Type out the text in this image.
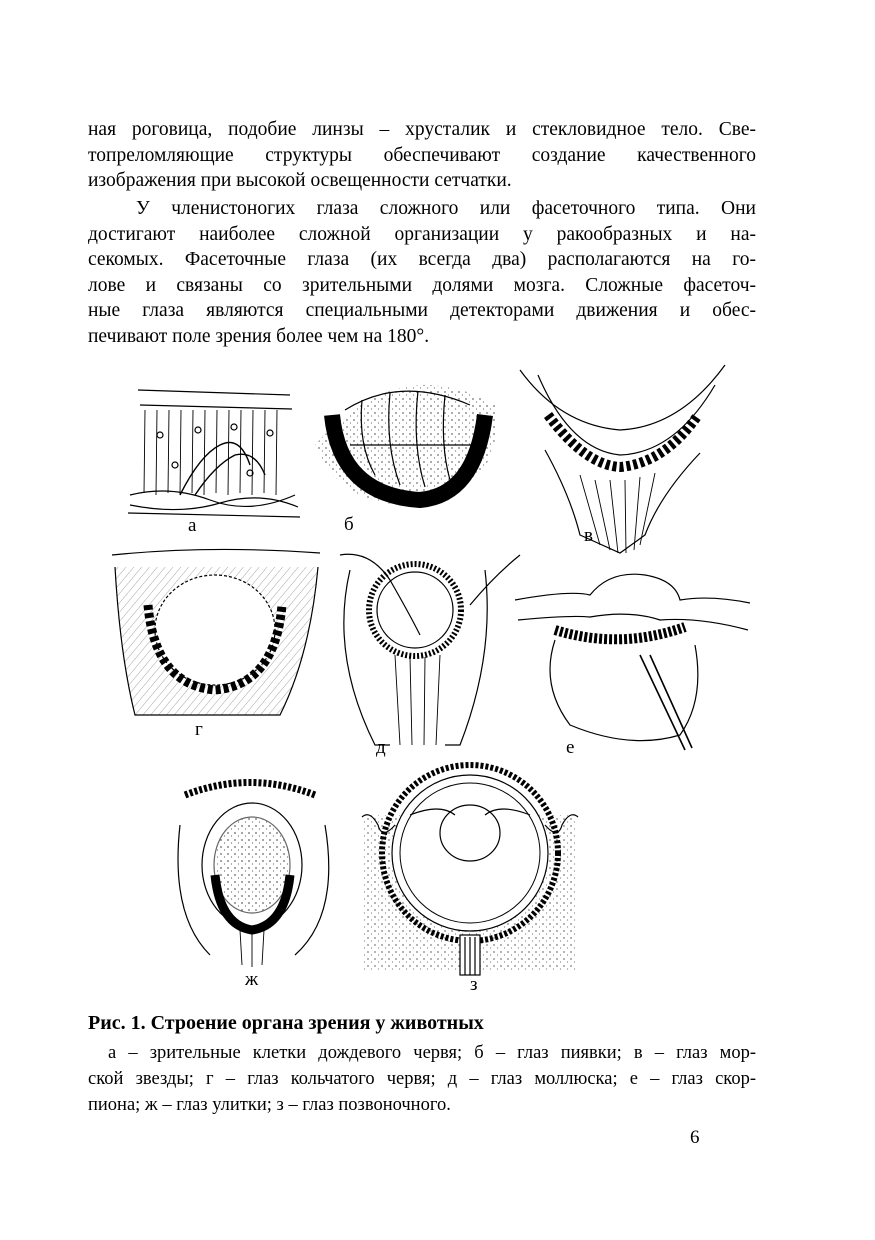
ная роговица, подобие линзы – хрусталик и стекловидное тело. Све-
топреломляющие структуры обеспечивают создание качественного
изображения при высокой освещенности сетчатки.
У членистоногих глаза сложного или фасеточного типа. Они
достигают наиболее сложной организации у ракообразных и на-
секомых. Фасеточные глаза (их всегда два) располагаются на го-
лове и связаны со зрительными долями мозга. Сложные фасеточ-
ные глаза являются специальными детекторами движения и обес-
печивают поле зрения более чем на 180°.
а	б
в
г
д	е
ж	з
Рис. 1. Строение органа зрения у животных
а – зрительные клетки дождевого червя; б – глаз пиявки; в – глаз мор-
ской звезды; г – глаз кольчатого червя; д – глаз моллюска; е – глаз скор-
пиона; ж – глаз улитки; з – глаз позвоночного.
6
